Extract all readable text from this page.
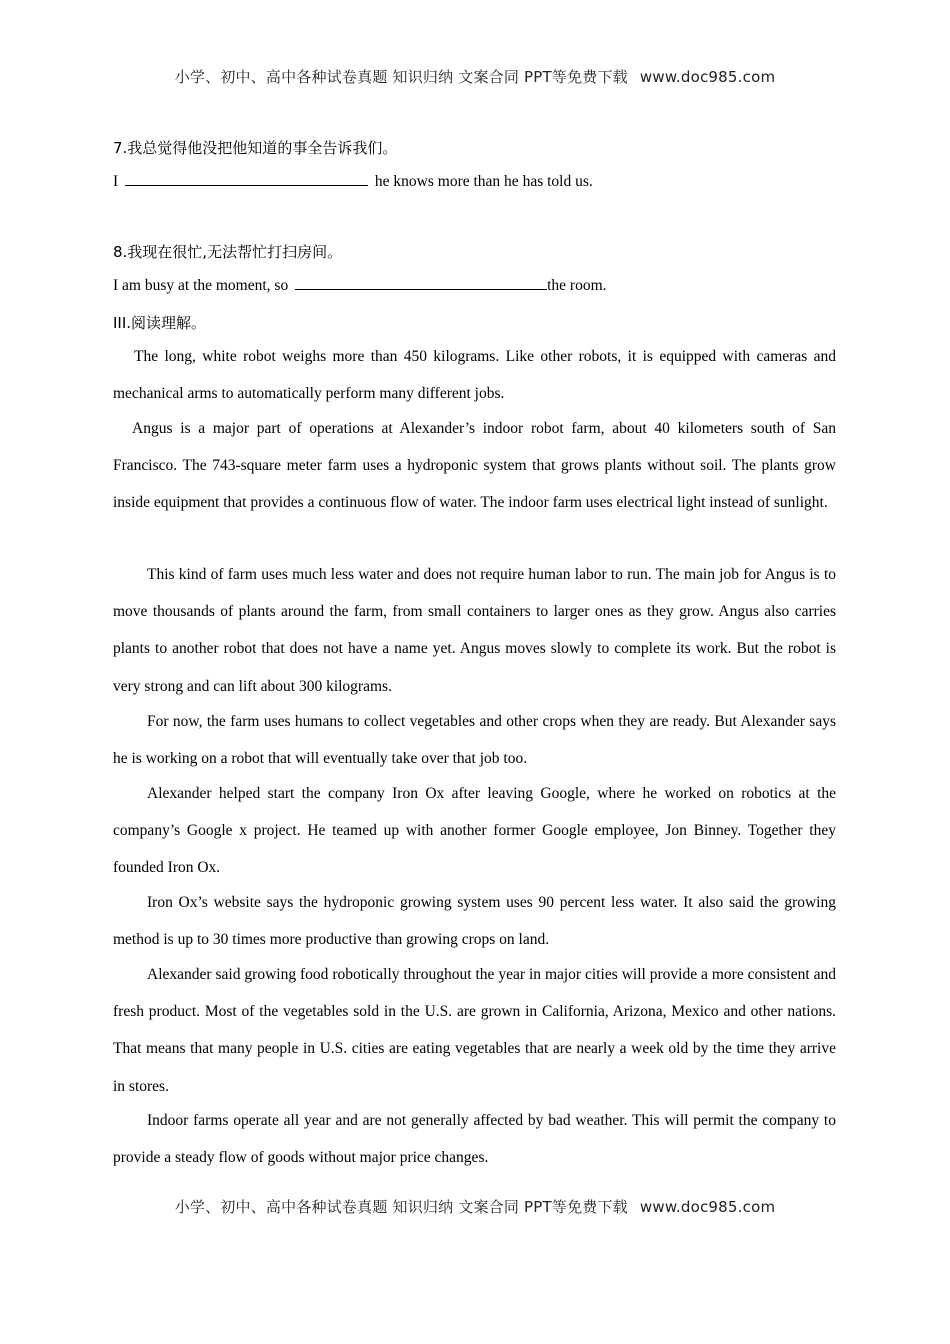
小学、初中、高中各种试卷真题 知识归纳 文案合同 PPT等免费下载 www.doc985.com
7.我总觉得他没把他知道的事全告诉我们。
I	he knows more than he has told us.
8.我现在很忙,无法帮忙打扫房间。
I am busy at the moment, so	the room.
III.阅读理解。
The long, white robot weighs more than 450 kilograms. Like other robots, it is equipped with cameras and mechanical arms to automatically perform many different jobs.
Angus is a major part of operations at Alexander’s indoor robot farm, about 40 kilometers south of San Francisco. The 743-square meter farm uses a hydroponic system that grows plants without soil. The plants grow inside equipment that provides a continuous flow of water. The indoor farm uses electrical light instead of sunlight.
This kind of farm uses much less water and does not require human labor to run. The main job for Angus is to move thousands of plants around the farm, from small containers to larger ones as they grow. Angus also carries plants to another robot that does not have a name yet. Angus moves slowly to complete its work. But the robot is very strong and can lift about 300 kilograms.
For now, the farm uses humans to collect vegetables and other crops when they are ready. But Alexander says he is working on a robot that will eventually take over that job too.
Alexander helped start the company Iron Ox after leaving Google, where he worked on robotics at the company’s Google x project. He teamed up with another former Google employee, Jon Binney. Together they founded Iron Ox.
Iron Ox’s website says the hydroponic growing system uses 90 percent less water. It also said the growing method is up to 30 times more productive than growing crops on land.
Alexander said growing food robotically throughout the year in major cities will provide a more consistent and fresh product. Most of the vegetables sold in the U.S. are grown in California, Arizona, Mexico and other nations. That means that many people in U.S. cities are eating vegetables that are nearly a week old by the time they arrive in stores.
Indoor farms operate all year and are not generally affected by bad weather. This will permit the company to provide a steady flow of goods without major price changes.
小学、初中、高中各种试卷真题 知识归纳 文案合同 PPT等免费下载 www.doc985.com
